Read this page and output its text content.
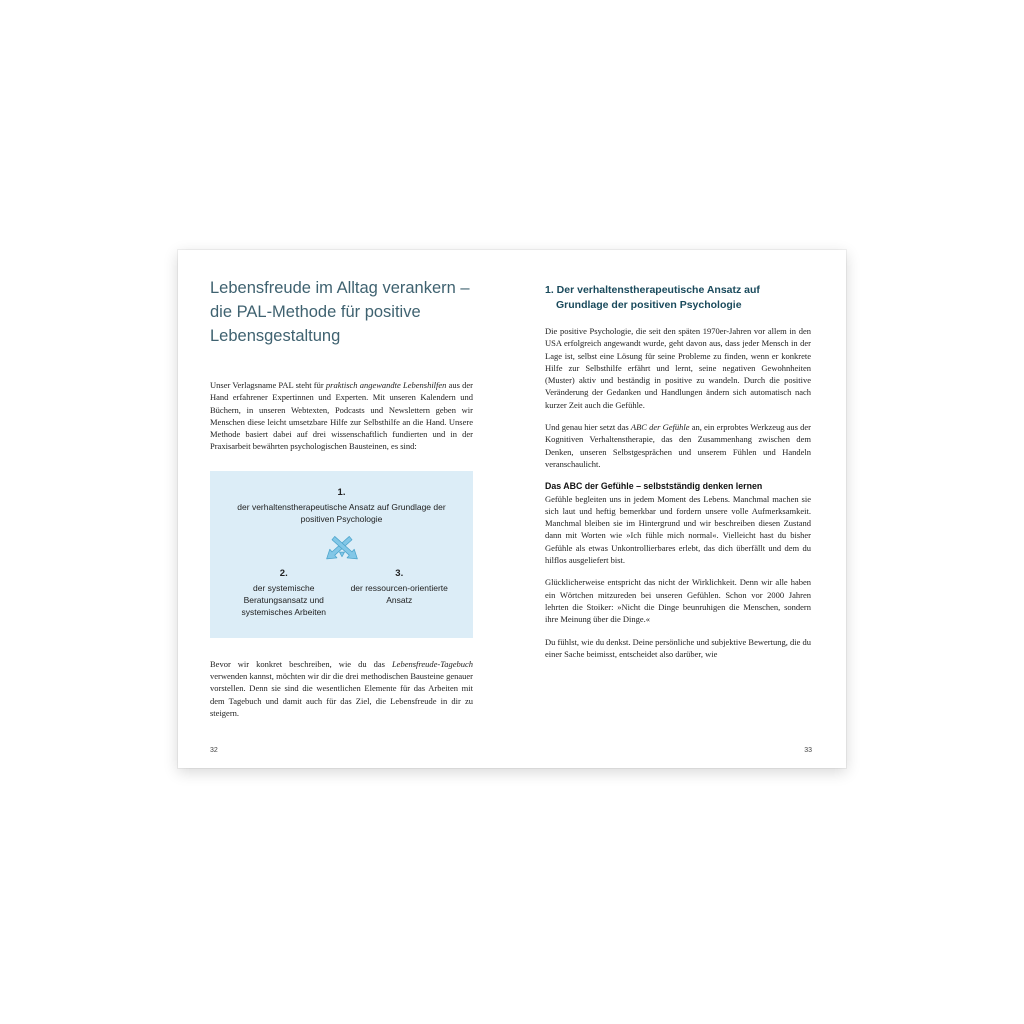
Lebensfreude im Alltag verankern –
die PAL-Methode für positive
Lebensgestaltung

Unser Verlagsname PAL steht für praktisch angewandte Lebenshilfen aus der Hand erfahrener Expertinnen und Experten. Mit unseren Kalendern und Büchern, in unseren Webtexten, Podcasts und Newslettern geben wir Menschen diese leicht umsetzbare Hilfe zur Selbsthilfe an die Hand. Unsere Methode basiert dabei auf drei wissenschaftlich fundierten und in der Praxisarbeit bewährten psychologischen Bausteinen, es sind:

1.
der verhaltenstherapeutische Ansatz auf Grundlage der positiven Psychologie
2.
der systemische Beratungsansatz und systemisches Arbeiten
3.
der ressourcen-orientierte Ansatz

Bevor wir konkret beschreiben, wie du das Lebensfreude-Tagebuch verwenden kannst, möchten wir dir die drei methodischen Bausteine genauer vorstellen. Denn sie sind die wesentlichen Elemente für das Arbeiten mit dem Tagebuch und damit auch für das Ziel, die Lebensfreude in dir zu steigern.

32
1. Der verhaltenstherapeutische Ansatz auf Grundlage der positiven Psychologie

Die positive Psychologie, die seit den späten 1970er-Jahren vor allem in den USA erfolgreich angewandt wurde, geht davon aus, dass jeder Mensch in der Lage ist, selbst eine Lösung für seine Probleme zu finden, wenn er konkrete Hilfe zur Selbsthilfe erfährt und lernt, seine negativen Gewohnheiten (Muster) aktiv und beständig in positive zu wandeln. Durch die positive Veränderung der Gedanken und Handlungen ändern sich automatisch nach kurzer Zeit auch die Gefühle.

Und genau hier setzt das ABC der Gefühle an, ein erprobtes Werkzeug aus der Kognitiven Verhaltenstherapie, das den Zusammenhang zwischen dem Denken, unseren Selbstgesprächen und unserem Fühlen und Handeln veranschaulicht.

Das ABC der Gefühle – selbstständig denken lernen

Gefühle begleiten uns in jedem Moment des Lebens. Manchmal machen sie sich laut und heftig bemerkbar und fordern unsere volle Aufmerksamkeit. Manchmal bleiben sie im Hintergrund und wir beschreiben diesen Zustand dann mit Worten wie »Ich fühle mich normal«. Vielleicht hast du bisher Gefühle als etwas Unkontrollierbares erlebt, das dich überfällt und dem du hilflos ausgeliefert bist.

Glücklicherweise entspricht das nicht der Wirklichkeit. Denn wir alle haben ein Wörtchen mitzureden bei unseren Gefühlen. Schon vor 2000 Jahren lehrten die Stoiker: »Nicht die Dinge beunruhigen die Menschen, sondern ihre Meinung über die Dinge.«

Du fühlst, wie du denkst. Deine persönliche und subjektive Bewertung, die du einer Sache beimisst, entscheidet also darüber, wie

33
